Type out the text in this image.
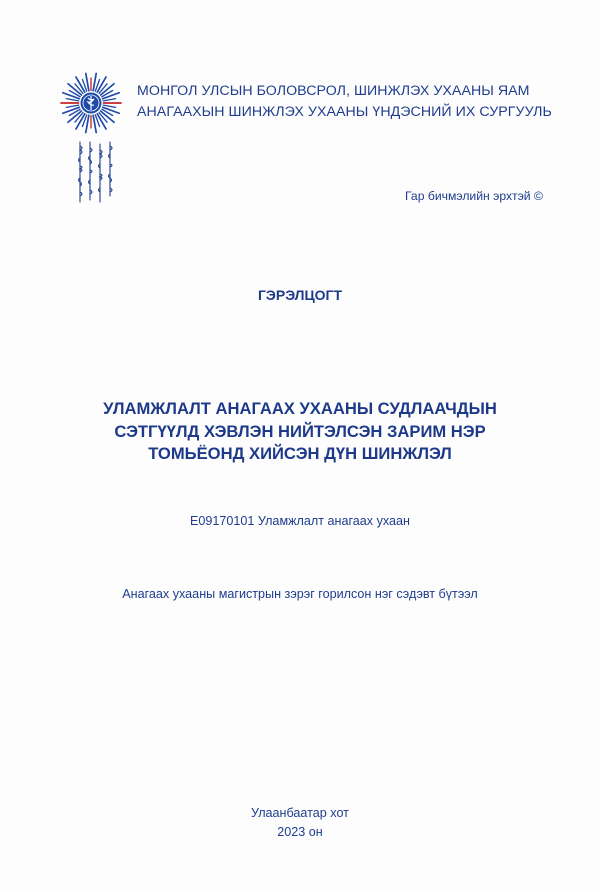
МОНГОЛ УЛСЫН БОЛОВСРОЛ, ШИНЖЛЭХ УХААНЫ ЯАМ
АНАГААХЫН ШИНЖЛЭХ УХААНЫ ҮНДЭСНИЙ ИХ СУРГУУЛЬ
Гар бичмэлийн эрхтэй ©
ГЭРЭЛЦОГТ
УЛАМЖЛАЛТ АНАГААХ УХААНЫ СУДЛААЧДЫН
СЭТГҮҮЛД ХЭВЛЭН НИЙТЭЛСЭН ЗАРИМ НЭР
ТОМЬЁОНД ХИЙСЭН ДҮН ШИНЖЛЭЛ
E09170101 Уламжлалт анагаах ухаан
Анагаах ухааны магистрын зэрэг горилсон нэг сэдэвт бүтээл
Улаанбаатар хот
2023 он
